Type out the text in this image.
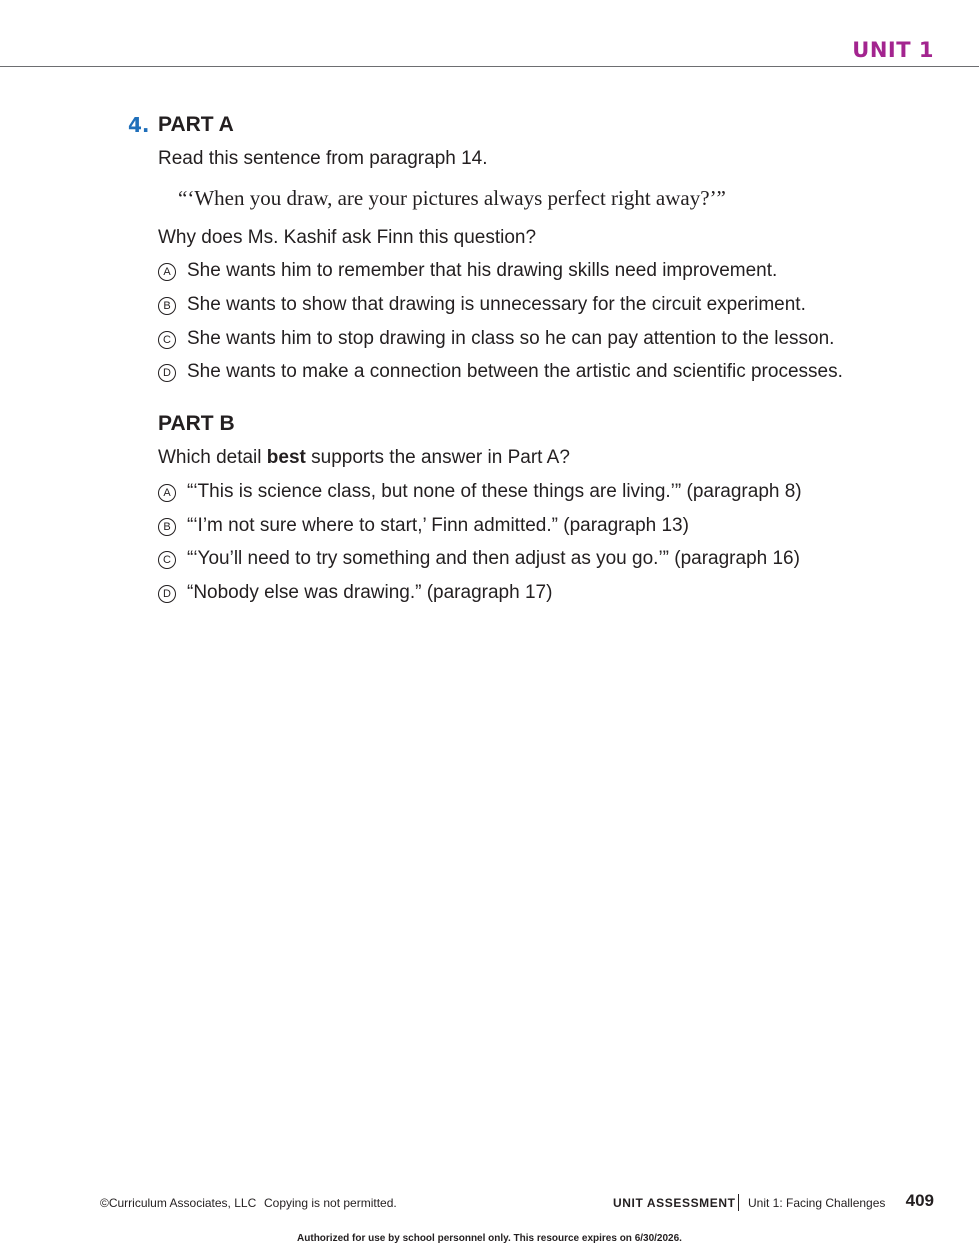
UNIT 1
4. PART A
Read this sentence from paragraph 14.
“‘When you draw, are your pictures always perfect right away?’”
Why does Ms. Kashif ask Finn this question?
A She wants him to remember that his drawing skills need improvement.
B She wants to show that drawing is unnecessary for the circuit experiment.
C She wants him to stop drawing in class so he can pay attention to the lesson.
D She wants to make a connection between the artistic and scientific processes.
PART B
Which detail best supports the answer in Part A?
A “‘This is science class, but none of these things are living.’” (paragraph 8)
B “‘I’m not sure where to start,’ Finn admitted.” (paragraph 13)
C “‘You’ll need to try something and then adjust as you go.’” (paragraph 16)
D “Nobody else was drawing.” (paragraph 17)
©Curriculum Associates, LLC Copying is not permitted.	UNIT ASSESSMENT Unit 1: Facing Challenges 409
Authorized for use by school personnel only. This resource expires on 6/30/2026.
